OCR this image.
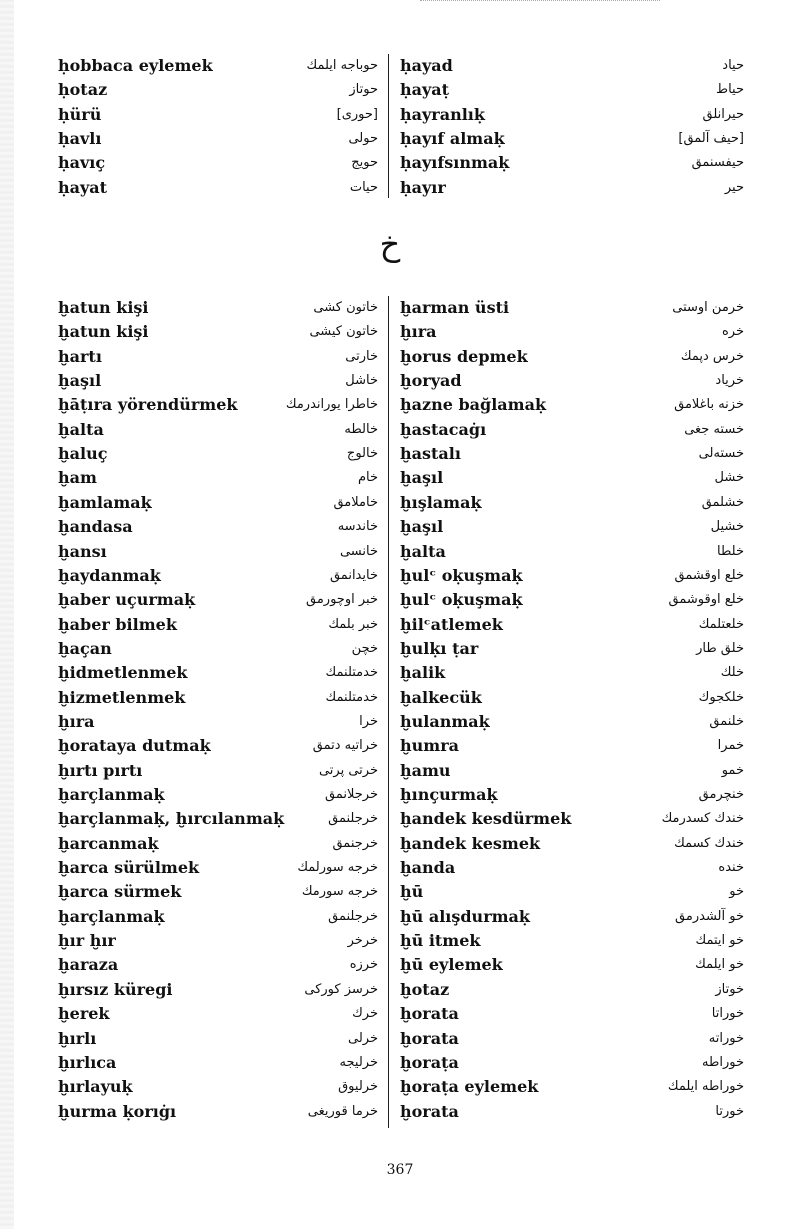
ḥobbaca eylemek	حوباجه ايلمك
ḥotaz	حوتاز
ḥürü	[حورى]
ḥavlı	حولى
ḥavıç	حويج
ḥayat	حيات
ḥayad	حياد
ḥayaṭ	حياط
ḥayranlıḳ	حيرانلق
ḥayıf almaḳ	[حيف آلمق]
ḥayıfsınmaḳ	حيفسنمق
ḥayır	حير
خ
ḫatun kişi	خاتون كشى
ḫatun kişi	خاتون كيشى
ḫartı	خارتى
ḫaşıl	خاشل
ḫāṭıra yörendürmek	خاطرا يوراندرمك
ḫalta	خالطه
ḫaluç	خالوج
ḫam	خام
ḫamlamaḳ	خاملامق
ḫandasa	خاندسه
ḫansı	خانسى
ḫaydanmaḳ	خايدانمق
ḫaber uçurmaḳ	خبر اوچورمق
ḫaber bilmek	خبر بلمك
ḫaçan	خچن
ḫidmetlenmek	خدمتلنمك
ḫizmetlenmek	خدمتلنمك
ḫıra	خرا
ḫorataya dutmaḳ	خراتيه دتمق
ḫırtı pırtı	خرتى پرتى
ḫarçlanmaḳ	خرجلانمق
ḫarçlanmaḳ, ḫırcılanmaḳ	خرجلنمق
ḫarcanmaḳ	خرجنمق
ḫarca sürülmek	خرجه سورلمك
ḫarca sürmek	خرجه سورمك
ḫarçlanmaḳ	خرجلنمق
ḫır ḫır	خرخر
ḫaraza	خرزه
ḫırsız küregi	خرسز كوركى
ḫerek	خرك
ḫırlı	خرلى
ḫırlıca	خرليجه
ḫırlayuḳ	خرليوق
ḫurma ḳorıġı	خرما قوريغى
ḫarman üsti	خرمن اوستى
ḫıra	خره
ḫorus depmek	خرس دپمك
ḫoryad	خرياد
ḫazne bağlamaḳ	خزنه باغلامق
ḫastacaġı	خسته جغى
ḫastalı	خستەلى
ḫaşıl	خشل
ḫışlamaḳ	خشلمق
ḫaşıl	خشيل
ḫalta	خلطا
ḫulᶜ oḳuşmaḳ	خلع اوقشمق
ḫulᶜ oḳuşmaḳ	خلع اوقوشمق
ḫilᶜatlemek	خلعتلمك
ḫulḳı ṭar	خلق طار
ḫalik	خلك
ḫalkecük	خلكجوك
ḫulanmaḳ	خلنمق
ḫumra	خمرا
ḫamu	خمو
ḫınçurmaḳ	خنچرمق
ḫandek kesdürmek	خندك كسدرمك
ḫandek kesmek	خندك كسمك
ḫanda	خنده
ḫū	خو
ḫū alışdurmaḳ	خو آلشدرمق
ḫū itmek	خو ايتمك
ḫū eylemek	خو ايلمك
ḫotaz	خوتاز
ḫorata	خوراتا
ḫorata	خوراته
ḫoraṭa	خوراطه
ḫoraṭa eylemek	خوراطه ايلمك
ḫorata	خورتا
367
